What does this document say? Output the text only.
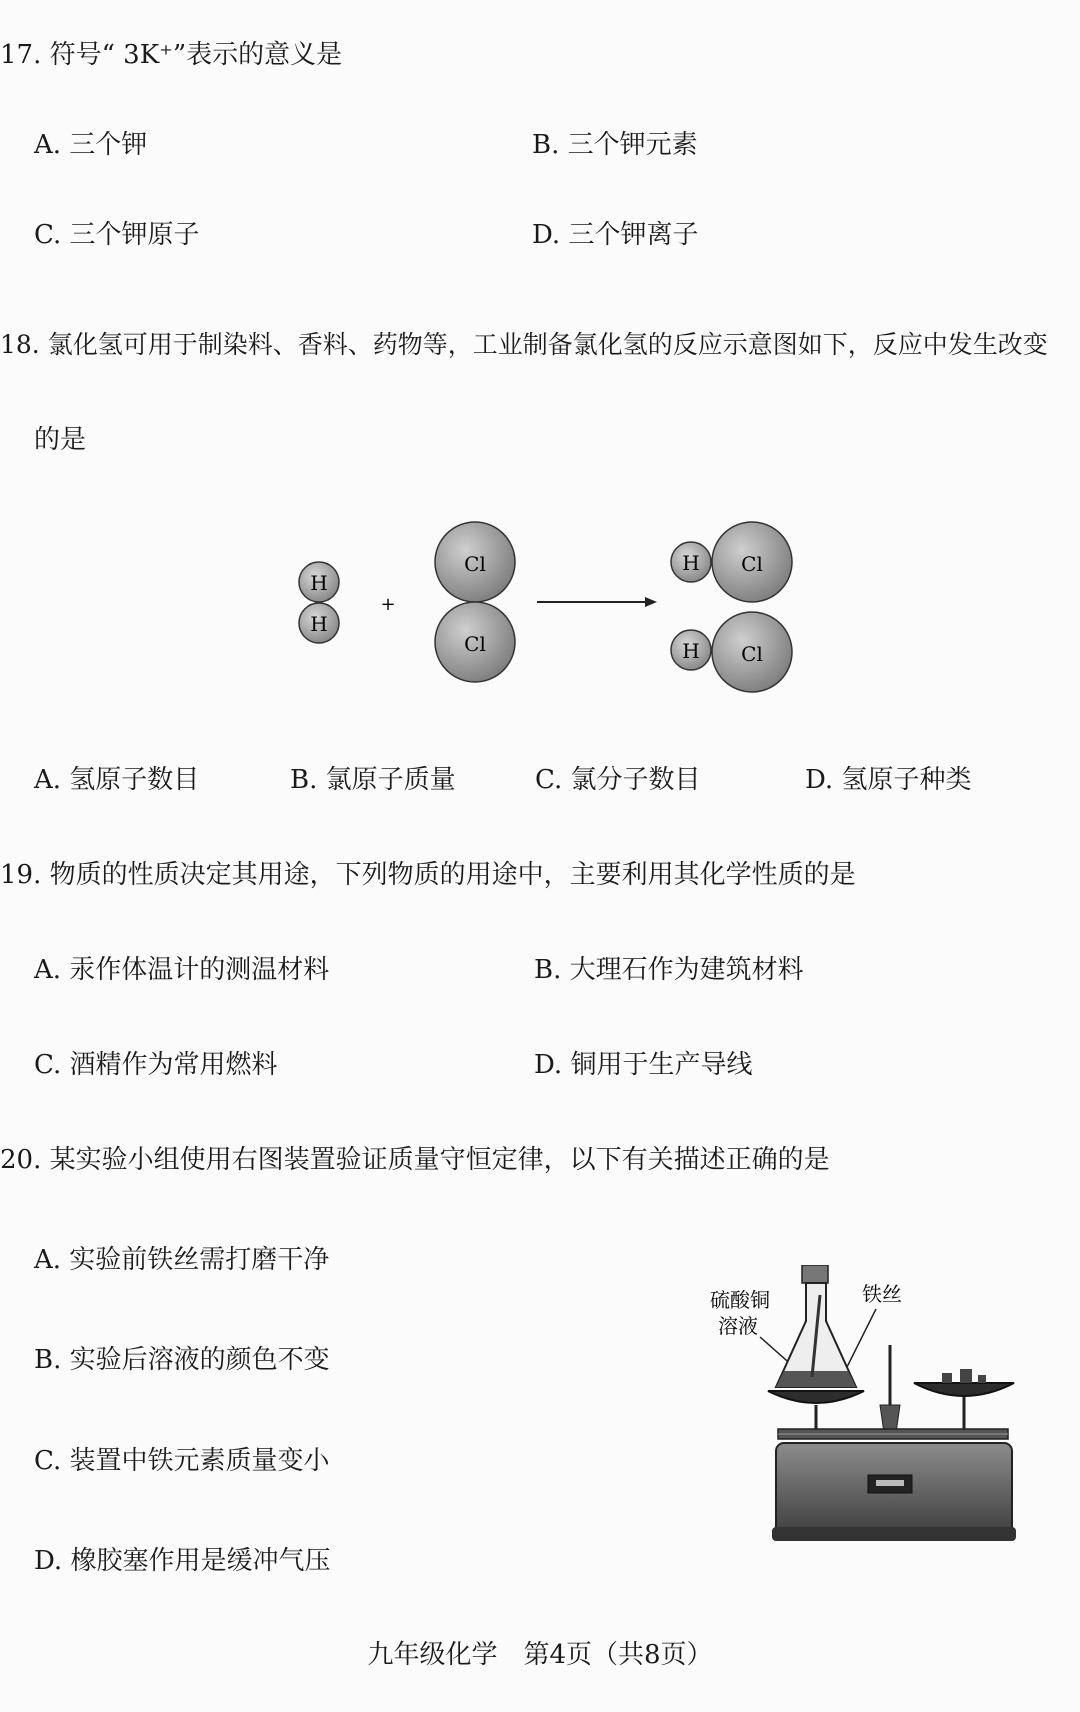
17. 符号“ 3K⁺”表示的意义是
A. 三个钾	B. 三个钾元素
C. 三个钾原子	D. 三个钾离子
18. 氯化氢可用于制染料、香料、药物等，工业制备氯化氢的反应示意图如下，反应中发生改变
的是
H
H
+
Cl
Cl
H Cl
H Cl
A. 氢原子数目	B. 氯原子质量	C. 氯分子数目	D. 氢原子种类
19. 物质的性质决定其用途，下列物质的用途中，主要利用其化学性质的是
A. 汞作体温计的测温材料	B. 大理石作为建筑材料
C. 酒精作为常用燃料	D. 铜用于生产导线
20. 某实验小组使用右图装置验证质量守恒定律，以下有关描述正确的是
A. 实验前铁丝需打磨干净
B. 实验后溶液的颜色不变
C. 装置中铁元素质量变小
D. 橡胶塞作用是缓冲气压
硫酸铜
溶液
铁丝
九年级化学　第4页（共8页）
